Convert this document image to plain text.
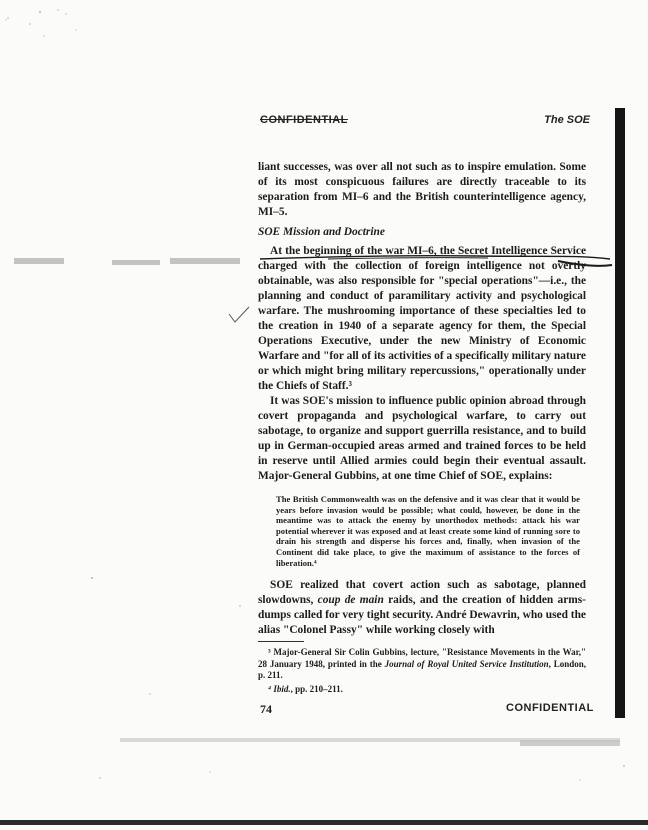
CONFIDENTIAL	The SOE

liant successes, was over all not such as to inspire emulation. Some of its most conspicuous failures are directly traceable to its separation from MI–6 and the British counterintelligence agency, MI–5.

SOE Mission and Doctrine

At the beginning of the war MI–6, the Secret Intelligence Service charged with the collection of foreign intelligence not overtly obtainable, was also responsible for "special operations"—i.e., the planning and conduct of paramilitary activity and psychological warfare. The mushrooming importance of these specialties led to the creation in 1940 of a separate agency for them, the Special Operations Executive, under the new Ministry of Economic Warfare and "for all of its activities of a specifically military nature or which might bring military repercussions," operationally under the Chiefs of Staff.³

It was SOE's mission to influence public opinion abroad through covert propaganda and psychological warfare, to carry out sabotage, to organize and support guerrilla resistance, and to build up in German-occupied areas armed and trained forces to be held in reserve until Allied armies could begin their eventual assault. Major-General Gubbins, at one time Chief of SOE, explains:

The British Commonwealth was on the defensive and it was clear that it would be years before invasion would be possible; what could, however, be done in the meantime was to attack the enemy by unorthodox methods: attack his war potential wherever it was exposed and at least create some kind of running sore to drain his strength and disperse his forces and, finally, when invasion of the Continent did take place, to give the maximum of assistance to the forces of liberation.⁴

SOE realized that covert action such as sabotage, planned slowdowns, coup de main raids, and the creation of hidden arms-dumps called for very tight security. André Dewavrin, who used the alias "Colonel Passy" while working closely with

³ Major-General Sir Colin Gubbins, lecture, "Resistance Movements in the War," 28 January 1948, printed in the Journal of Royal United Service Institution, London, p. 211.

⁴ Ibid., pp. 210–211.

74	CONFIDENTIAL
